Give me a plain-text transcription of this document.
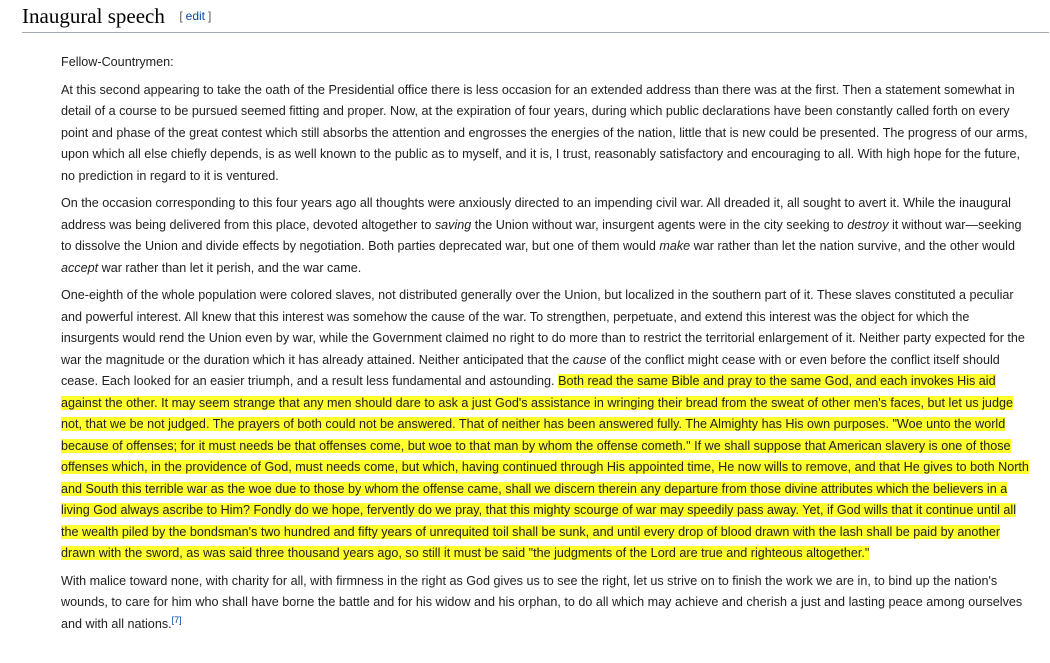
Inaugural speech [ edit ]

Fellow-Countrymen:

At this second appearing to take the oath of the Presidential office there is less occasion for an extended address than there was at the first. Then a statement somewhat in detail of a course to be pursued seemed fitting and proper. Now, at the expiration of four years, during which public declarations have been constantly called forth on every point and phase of the great contest which still absorbs the attention and engrosses the energies of the nation, little that is new could be presented. The progress of our arms, upon which all else chiefly depends, is as well known to the public as to myself, and it is, I trust, reasonably satisfactory and encouraging to all. With high hope for the future, no prediction in regard to it is ventured.

On the occasion corresponding to this four years ago all thoughts were anxiously directed to an impending civil war. All dreaded it, all sought to avert it. While the inaugural address was being delivered from this place, devoted altogether to saving the Union without war, insurgent agents were in the city seeking to destroy it without war—seeking to dissolve the Union and divide effects by negotiation. Both parties deprecated war, but one of them would make war rather than let the nation survive, and the other would accept war rather than let it perish, and the war came.

One-eighth of the whole population were colored slaves, not distributed generally over the Union, but localized in the southern part of it. These slaves constituted a peculiar and powerful interest. All knew that this interest was somehow the cause of the war. To strengthen, perpetuate, and extend this interest was the object for which the insurgents would rend the Union even by war, while the Government claimed no right to do more than to restrict the territorial enlargement of it. Neither party expected for the war the magnitude or the duration which it has already attained. Neither anticipated that the cause of the conflict might cease with or even before the conflict itself should cease. Each looked for an easier triumph, and a result less fundamental and astounding. Both read the same Bible and pray to the same God, and each invokes His aid against the other. It may seem strange that any men should dare to ask a just God's assistance in wringing their bread from the sweat of other men's faces, but let us judge not, that we be not judged. The prayers of both could not be answered. That of neither has been answered fully. The Almighty has His own purposes. "Woe unto the world because of offenses; for it must needs be that offenses come, but woe to that man by whom the offense cometh." If we shall suppose that American slavery is one of those offenses which, in the providence of God, must needs come, but which, having continued through His appointed time, He now wills to remove, and that He gives to both North and South this terrible war as the woe due to those by whom the offense came, shall we discern therein any departure from those divine attributes which the believers in a living God always ascribe to Him? Fondly do we hope, fervently do we pray, that this mighty scourge of war may speedily pass away. Yet, if God wills that it continue until all the wealth piled by the bondsman's two hundred and fifty years of unrequited toil shall be sunk, and until every drop of blood drawn with the lash shall be paid by another drawn with the sword, as was said three thousand years ago, so still it must be said "the judgments of the Lord are true and righteous altogether."

With malice toward none, with charity for all, with firmness in the right as God gives us to see the right, let us strive on to finish the work we are in, to bind up the nation's wounds, to care for him who shall have borne the battle and for his widow and his orphan, to do all which may achieve and cherish a just and lasting peace among ourselves and with all nations.[7]
